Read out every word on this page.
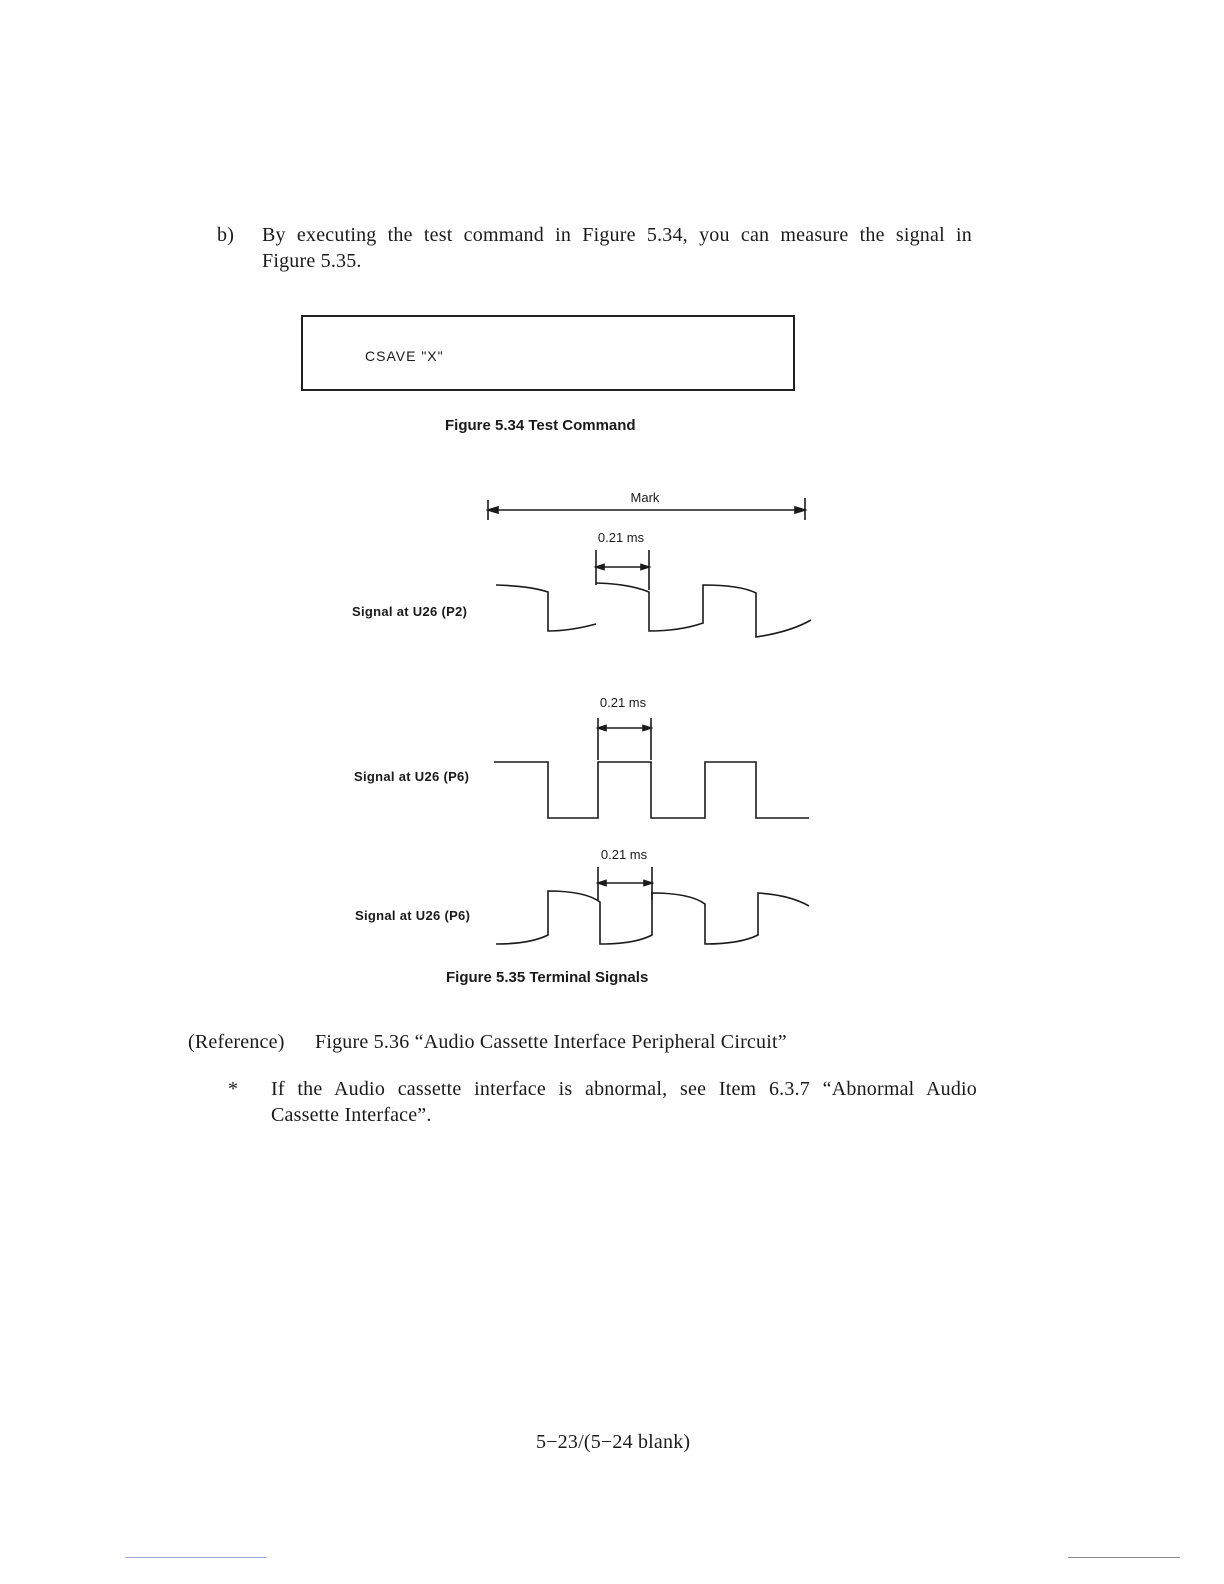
b) By executing the test command in Figure 5.34, you can measure the signal in
Figure 5.35.
CSAVE "X"
Figure 5.34 Test Command
Mark
0.21 ms
0.21 ms
0.21 ms
Signal at U26 (P2)
Signal at U26 (P6)
Signal at U26 (P6)
Figure 5.35 Terminal Signals
(Reference) Figure 5.36 “Audio Cassette Interface Peripheral Circuit”
* If the Audio cassette interface is abnormal, see Item 6.3.7 “Abnormal Audio
Cassette Interface”.
5−23/(5−24 blank)
